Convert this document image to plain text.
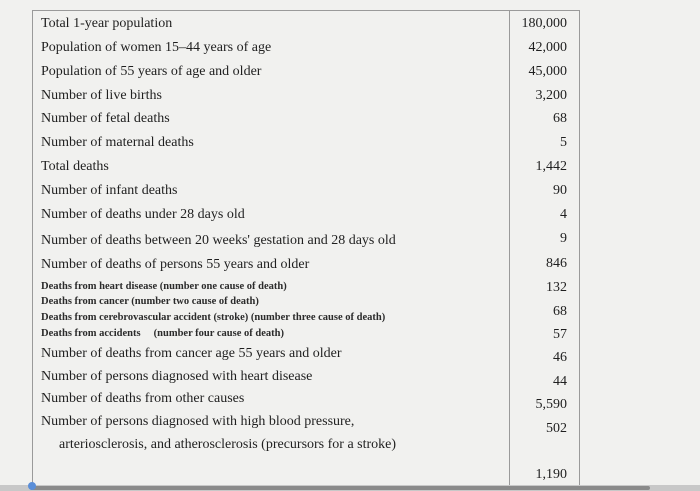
Total 1-year population
Population of women 15–44 years of age
Population of 55 years of age and older
Number of live births
Number of fetal deaths
Number of maternal deaths
Total deaths
Number of infant deaths
Number of deaths under 28 days old
Number of deaths between 20 weeks' gestation and 28 days old
Number of deaths of persons 55 years and older
Deaths from heart disease (number one cause of death)
Deaths from cancer (number two cause of death)
Deaths from cerebrovascular accident (stroke) (number three cause of death)
Deaths from accidents     (number four cause of death)
Number of deaths from cancer age 55 years and older
Number of persons diagnosed with heart disease
Number of deaths from other causes
Number of persons diagnosed with high blood pressure,
arteriosclerosis, and atherosclerosis (precursors for a stroke)
180,000
42,000
45,000
3,200
68
5
1,442
90
4
9
846
132
68
57
46
44
5,590
502
1,190
